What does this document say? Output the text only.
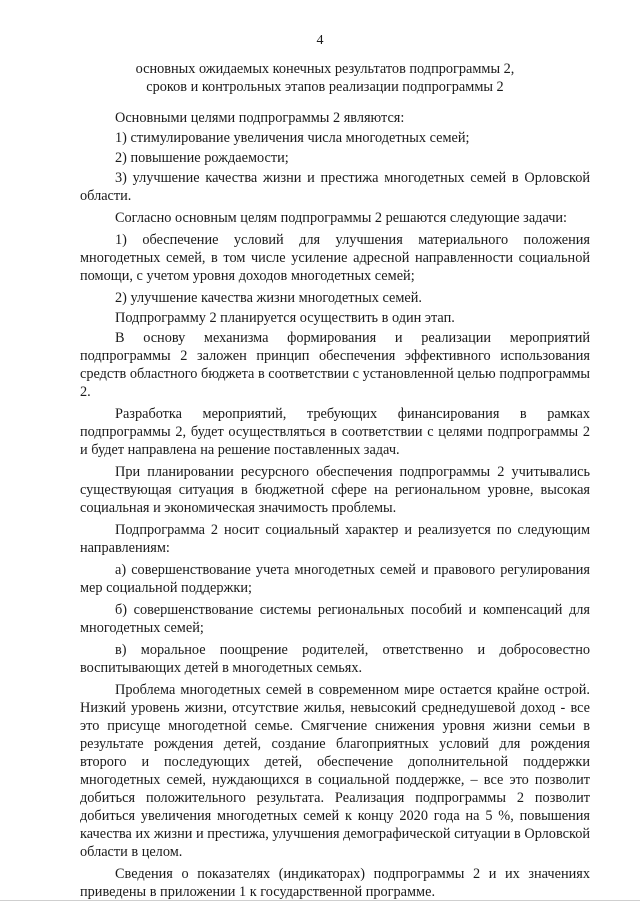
4
основных ожидаемых конечных результатов подпрограммы 2,
сроков и контрольных этапов реализации подпрограммы 2

Основными целями подпрограммы 2 являются:

1) стимулирование увеличения числа многодетных семей;

2) повышение рождаемости;

3) улучшение качества жизни и престижа многодетных семей в Орловской области.

Согласно основным целям подпрограммы 2 решаются следующие задачи:

1) обеспечение условий для улучшения материального положения многодетных семей, в том числе усиление адресной направленности социальной помощи, с учетом уровня доходов многодетных семей;

2) улучшение качества жизни многодетных семей.

Подпрограмму 2 планируется осуществить в один этап.

В основу механизма формирования и реализации мероприятий подпрограммы 2 заложен принцип обеспечения эффективного использования средств областного бюджета в соответствии с установленной целью подпрограммы 2.

Разработка мероприятий, требующих финансирования в рамках подпрограммы 2, будет осуществляться в соответствии с целями подпрограммы 2 и будет направлена на решение поставленных задач.

При планировании ресурсного обеспечения подпрограммы 2 учитывались существующая ситуация в бюджетной сфере на региональном уровне, высокая социальная и экономическая значимость проблемы.

Подпрограмма 2 носит социальный характер и реализуется по следующим направлениям:

а) совершенствование учета многодетных семей и правового регулирования мер социальной поддержки;

б) совершенствование системы региональных пособий и компенсаций для многодетных семей;

в) моральное поощрение родителей, ответственно и добросовестно воспитывающих детей в многодетных семьях.

Проблема многодетных семей в современном мире остается крайне острой. Низкий уровень жизни, отсутствие жилья, невысокий среднедушевой доход - все это присуще многодетной семье. Смягчение снижения уровня жизни семьи в результате рождения детей, создание благоприятных условий для рождения второго и последующих детей, обеспечение дополнительной поддержки многодетных семей, нуждающихся в социальной поддержке, – все это позволит добиться положительного результата. Реализация подпрограммы 2 позволит добиться увеличения многодетных семей к концу 2020 года на 5 %, повышения качества их жизни и престижа, улучшения демографической ситуации в Орловской области в целом.

Сведения о показателях (индикаторах) подпрограммы 2 и их значениях приведены в приложении 1 к государственной программе.
